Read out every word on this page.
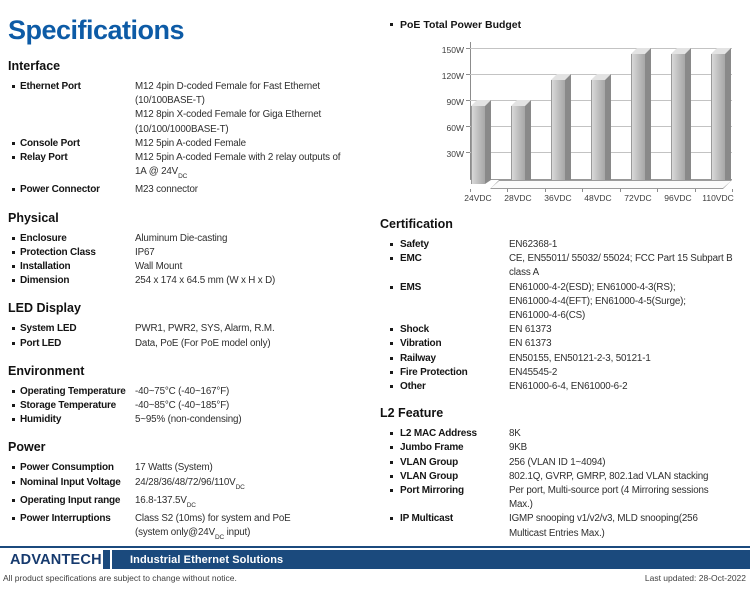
Specifications
Interface
Ethernet Port	M12 4pin D-coded Female for Fast Ethernet
(10/100BASE-T)
M12 8pin X-coded Female for Giga Ethernet
(10/100/1000BASE-T)
Console Port	M12 5pin A-coded Female
Relay Port	M12 5pin A-coded Female with 2 relay outputs of
1A @ $24V_{DC}$
Power Connector	M23 connector
Physical
Enclosure	Aluminum Die-casting
Protection Class	IP67
Installation	Wall Mount
Dimension	254 x 174 x 64.5 mm (W x H x D)
LED Display
System LED	PWR1, PWR2, SYS, Alarm, R.M.
Port LED	Data, PoE (For PoE model only)
Environment
Operating Temperature -40~75°C (-40~167°F)
Storage Temperature	-40~85°C (-40~185°F)
Humidity	5~95% (non-condensing)
Power
Power Consumption	17 Watts (System)
Nominal Input Voltage	$24/28/36/48/72/96/110V_{DC}$
Operating Input range	$16.8-137.5V_{DC}$
Power Interruptions	Class S2 (10ms) for system and PoE
(system $only@24V_{DC}$ input)
PoE Total Power Budget
30W
60W
90W
120W
150W
24VDC	28VDC	36VDC	48VDC	72VDC	96VDC	110VDC
Certification
Safety	EN62368-1
EMC	CE, EN55011/ 55032/ 55024; FCC Part 15 Subpart B
class A
EMS	EN61000-4-2(ESD); EN61000-4-3(RS);
EN61000-4-4(EFT); EN61000-4-5(Surge);
EN61000-4-6(CS)
Shock	EN 61373
Vibration	EN 61373
Railway	EN50155, EN50121-2-3, 50121-1
Fire Protection	EN45545-2
Other	EN61000-6-4, EN61000-6-2
L2 Feature
L2 MAC Address	8K
Jumbo Frame	9KB
VLAN Group	256 (VLAN ID 1~4094)
VLAN Group	802.1Q, GVRP, GMRP, 802.1ad VLAN stacking
Port Mirroring	Per port, Multi-source port (4 Mirroring sessions
Max.)
IP Multicast	IGMP snooping v1/v2/v3, MLD snooping(256
Multicast Entries Max.)
ADVANTECH	Industrial Ethernet Solutions
All product specifications are subject to change without notice.	Last updated: 28-Oct-2022
